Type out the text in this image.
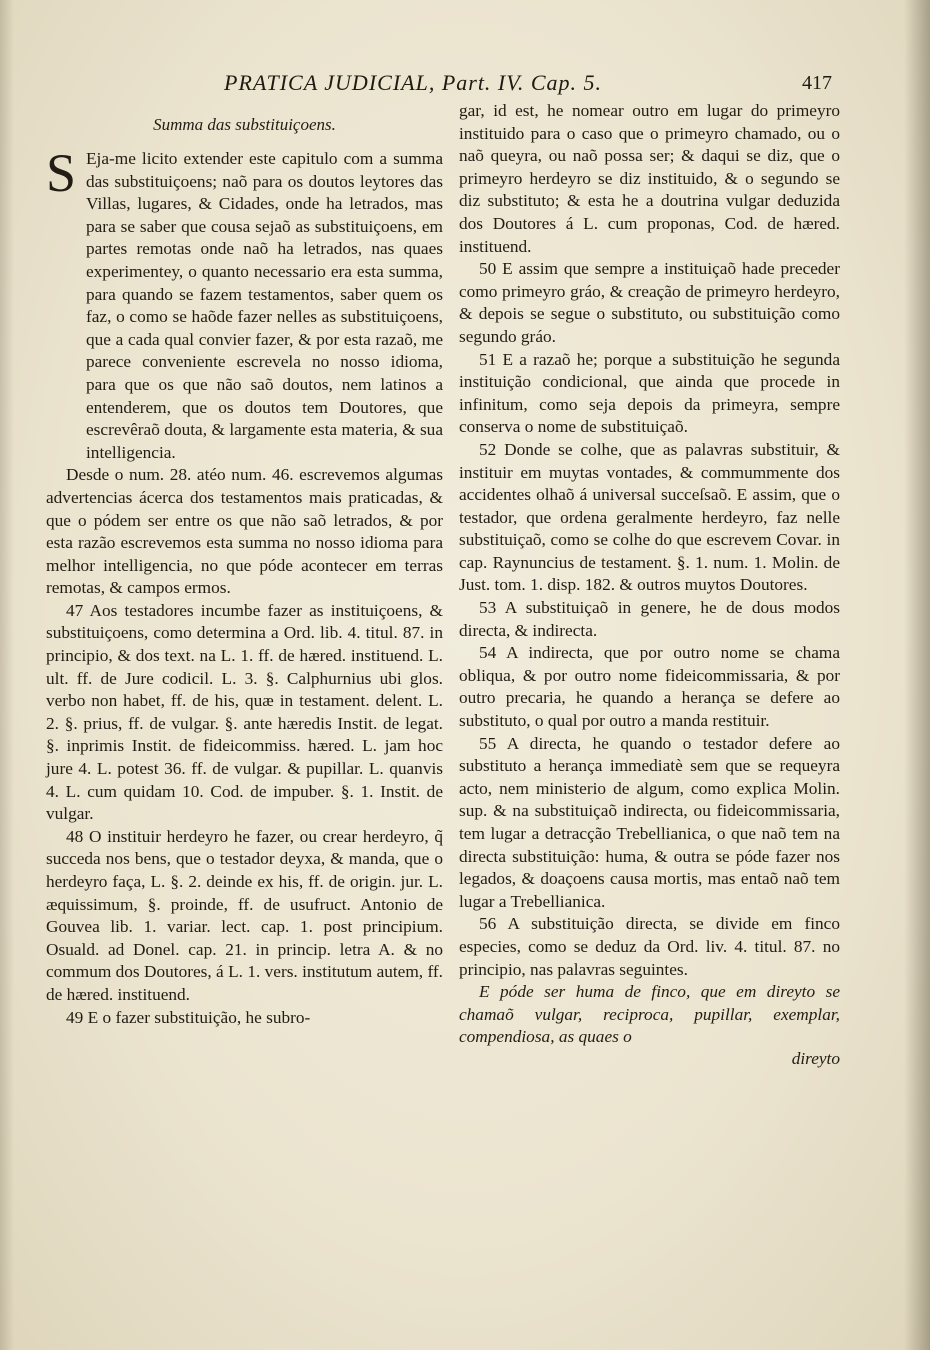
PRATICA JUDICIAL, Part. IV. Cap. 5.	417
Summa das substituiçoens.

S Eja-me licito extender este capitulo com a summa das substituiçoens; naõ para os doutos leytores das Villas, lugares, & Cidades, onde ha letrados, mas para se saber que cousa sejaõ as substituiçoens, em partes remotas onde naõ ha letrados, nas quaes experimentey, o quanto necessario era esta summa, para quando se fazem testamentos, saber quem os faz, o como se haõde fazer nelles as substituiçoens, que a cada qual convier fazer, & por esta razaõ, me parece conveniente escrevela no nosso idioma, para que os que não saõ doutos, nem latinos a entenderem, que os doutos tem Doutores, que escrevêraõ douta, & largamente esta materia, & sua intelligencia.

Desde o num. 28. atéo num. 46. escrevemos algumas advertencias ácerca dos testamentos mais praticadas, & que o pódem ser entre os que não saõ letrados, & por esta razão escrevemos esta summa no nosso idioma para melhor intelligencia, no que póde acontecer em terras remotas, & campos ermos.

47 Aos testadores incumbe fazer as instituiçoens, & substituiçoens, como determina a Ord. lib. 4. titul. 87. in principio, & dos text. na L. 1. ff. de hæred. instituend. L. ult. ff. de Jure codicil. L. 3. §. Calphurnius ubi glos. verbo non habet, ff. de his, quæ in testament. delent. L. 2. §. prius, ff. de vulgar. §. ante hæredis Instit. de legat. §. inprimis Instit. de fideicommiss. hæred. L. jam hoc jure 4. L. potest 36. ff. de vulgar. & pupillar. L. quanvis 4. L. cum quidam 10. Cod. de impuber. §. 1. Instit. de vulgar.

48 O instituir herdeyro he fazer, ou crear herdeyro, q̃ succeda nos bens, que o testador deyxa, & manda, que o herdeyro faça, L. §. 2. deinde ex his, ff. de origin. jur. L. æquissimum, §. proinde, ff. de usufruct. Antonio de Gouvea lib. 1. variar. lect. cap. 1. post principium. Osuald. ad Donel. cap. 21. in princip. letra A. & no commum dos Doutores, á L. 1. vers. institutum autem, ff. de hæred. instituend.

49 E o fazer substituição, he subro-

gar, id est, he nomear outro em lugar do primeyro instituido para o caso que o primeyro chamado, ou o naõ queyra, ou naõ possa ser; & daqui se diz, que o primeyro herdeyro se diz instituido, & o segundo se diz substituto; & esta he a doutrina vulgar deduzida dos Doutores á L. cum proponas, Cod. de hæred. instituend.

50 E assim que sempre a instituiçaõ hade preceder como primeyro gráo, & creação de primeyro herdeyro, & depois se segue o substituto, ou substituição como segundo gráo.

51 E a razaõ he; porque a substituição he segunda instituição condicional, que ainda que procede in infinitum, como seja depois da primeyra, sempre conserva o nome de substituiçaõ.

52 Donde se colhe, que as palavras substituir, & instituir em muytas vontades, & commummente dos accidentes olhaõ á universal succeſsaõ. E assim, que o testador, que ordena geralmente herdeyro, faz nelle substituiçaõ, como se colhe do que escrevem Covar. in cap. Raynuncius de testament. §. 1. num. 1. Molin. de Just. tom. 1. disp. 182. & outros muytos Doutores.

53 A substituiçaõ in genere, he de dous modos directa, & indirecta.

54 A indirecta, que por outro nome se chama obliqua, & por outro nome fideicommissaria, & por outro precaria, he quando a herança se defere ao substituto, o qual por outro a manda restituir.

55 A directa, he quando o testador defere ao substituto a herança immediatè sem que se requeyra acto, nem ministerio de algum, como explica Molin. sup. & na substituiçaõ indirecta, ou fideicommissaria, tem lugar a detracção Trebellianica, o que naõ tem na directa substituição: huma, & outra se póde fazer nos legados, & doaçoens causa mortis, mas entaõ naõ tem lugar a Trebellianica.

56 A substituição directa, se divide em finco especies, como se deduz da Ord. liv. 4. titul. 87. no principio, nas palavras seguintes.

E póde ser huma de finco, que em direyto se chamaõ vulgar, reciproca, pupillar, exemplar, compendiosa, as quaes o
direyto
